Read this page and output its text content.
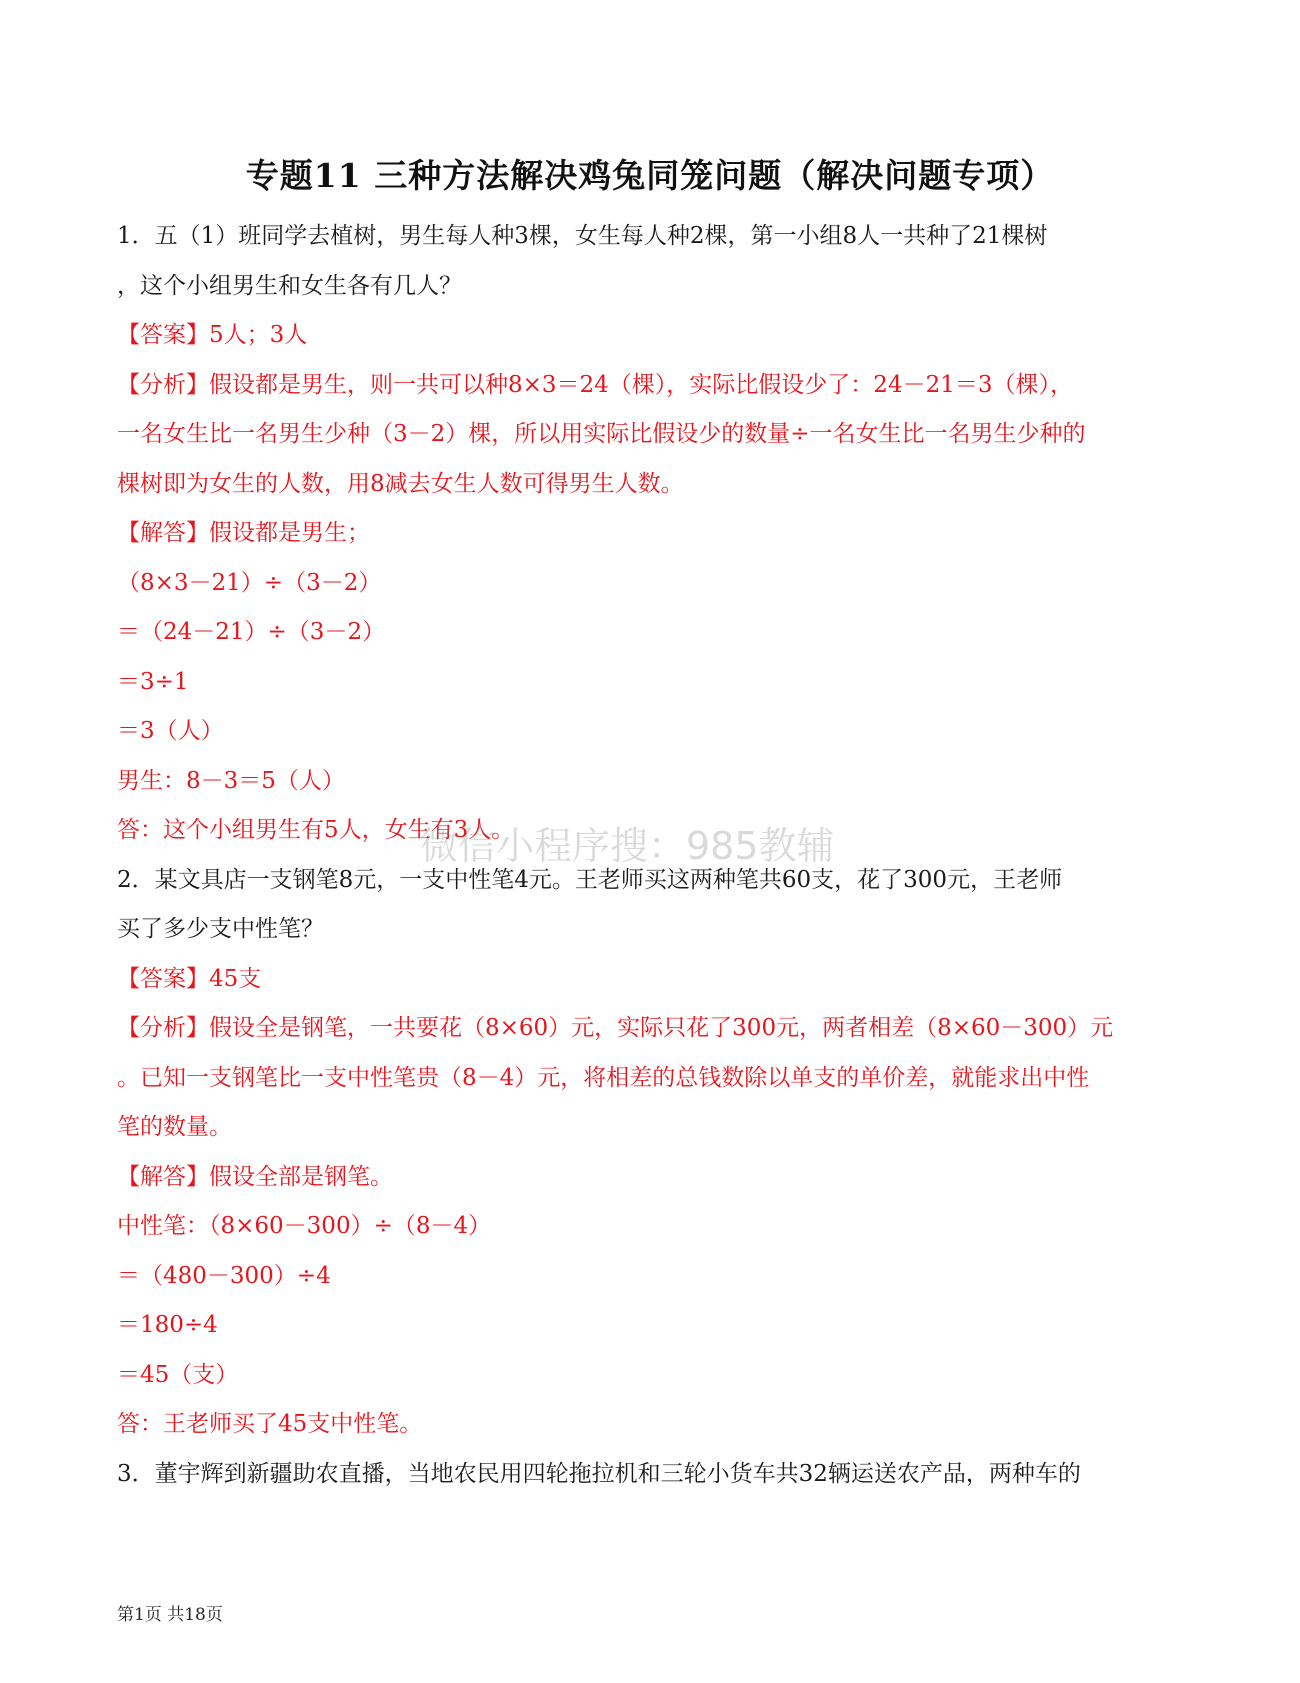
专题11 三种方法解决鸡兔同笼问题（解决问题专项）
1．五（1）班同学去植树，男生每人种3棵，女生每人种2棵，第一小组8人一共种了21棵树
，这个小组男生和女生各有几人？
【答案】5人；3人
【分析】假设都是男生，则一共可以种8×3＝24（棵），实际比假设少了：24－21＝3（棵），
一名女生比一名男生少种（3－2）棵，所以用实际比假设少的数量÷一名女生比一名男生少种的
棵树即为女生的人数，用8减去女生人数可得男生人数。
【解答】假设都是男生；
（8×3－21）÷（3－2）
＝（24－21）÷（3－2）
＝3÷1
＝3（人）
男生：8－3＝5（人）
答：这个小组男生有5人，女生有3人。
2．某文具店一支钢笔8元，一支中性笔4元。王老师买这两种笔共60支，花了300元，王老师
买了多少支中性笔？
【答案】45支
【分析】假设全是钢笔，一共要花（8×60）元，实际只花了300元，两者相差（8×60－300）元
。已知一支钢笔比一支中性笔贵（8－4）元，将相差的总钱数除以单支的单价差，就能求出中性
笔的数量。
【解答】假设全部是钢笔。
中性笔：（8×60－300）÷（8－4）
＝（480－300）÷4
＝180÷4
＝45（支）
答：王老师买了45支中性笔。
3．董宇辉到新疆助农直播，当地农民用四轮拖拉机和三轮小货车共32辆运送农产品，两种车的
微信小程序搜：985教辅
第1页 共18页
